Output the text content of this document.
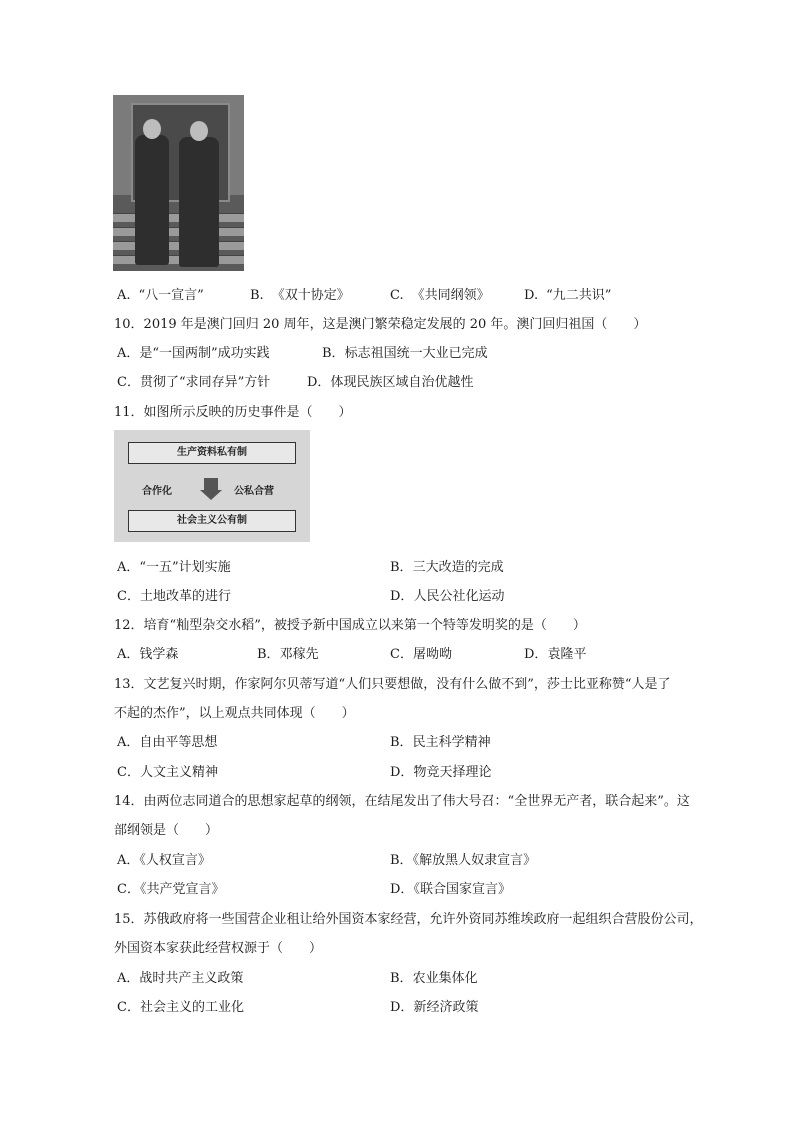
A. “八一宣言”	B. 《双十协定》	C. 《共同纲领》	D. “九二共识”
10．2019 年是澳门回归 20 周年，这是澳门繁荣稳定发展的 20 年。澳门回归祖国（　　）
A．是“一国两制”成功实践	B．标志祖国统一大业已完成
C．贯彻了“求同存异”方针	D．体现民族区域自治优越性
11．如图所示反映的历史事件是（　　）
生产资料私有制
合作化	公私合营
社会主义公有制
A．“一五”计划实施	B．三大改造的完成
C．土地改革的进行	D．人民公社化运动
12．培育“籼型杂交水稻”，被授予新中国成立以来第一个特等发明奖的是（　　）
A．钱学森	B．邓稼先	C．屠呦呦	D．袁隆平
13．文艺复兴时期，作家阿尔贝蒂写道“人们只要想做，没有什么做不到”，莎士比亚称赞“人是了
不起的杰作”，以上观点共同体现（　　）
A．自由平等思想	B．民主科学精神
C．人文主义精神	D．物竞天择理论
14．由两位志同道合的思想家起草的纲领，在结尾发出了伟大号召：“全世界无产者，联合起来”。这
部纲领是（　　）
A．《人权宣言》	B．《解放黑人奴隶宣言》
C．《共产党宣言》	D．《联合国家宣言》
15．苏俄政府将一些国营企业租让给外国资本家经营，允许外资同苏维埃政府一起组织合营股份公司，
外国资本家获此经营权源于（　　）
A．战时共产主义政策	B．农业集体化
C．社会主义的工业化	D．新经济政策
